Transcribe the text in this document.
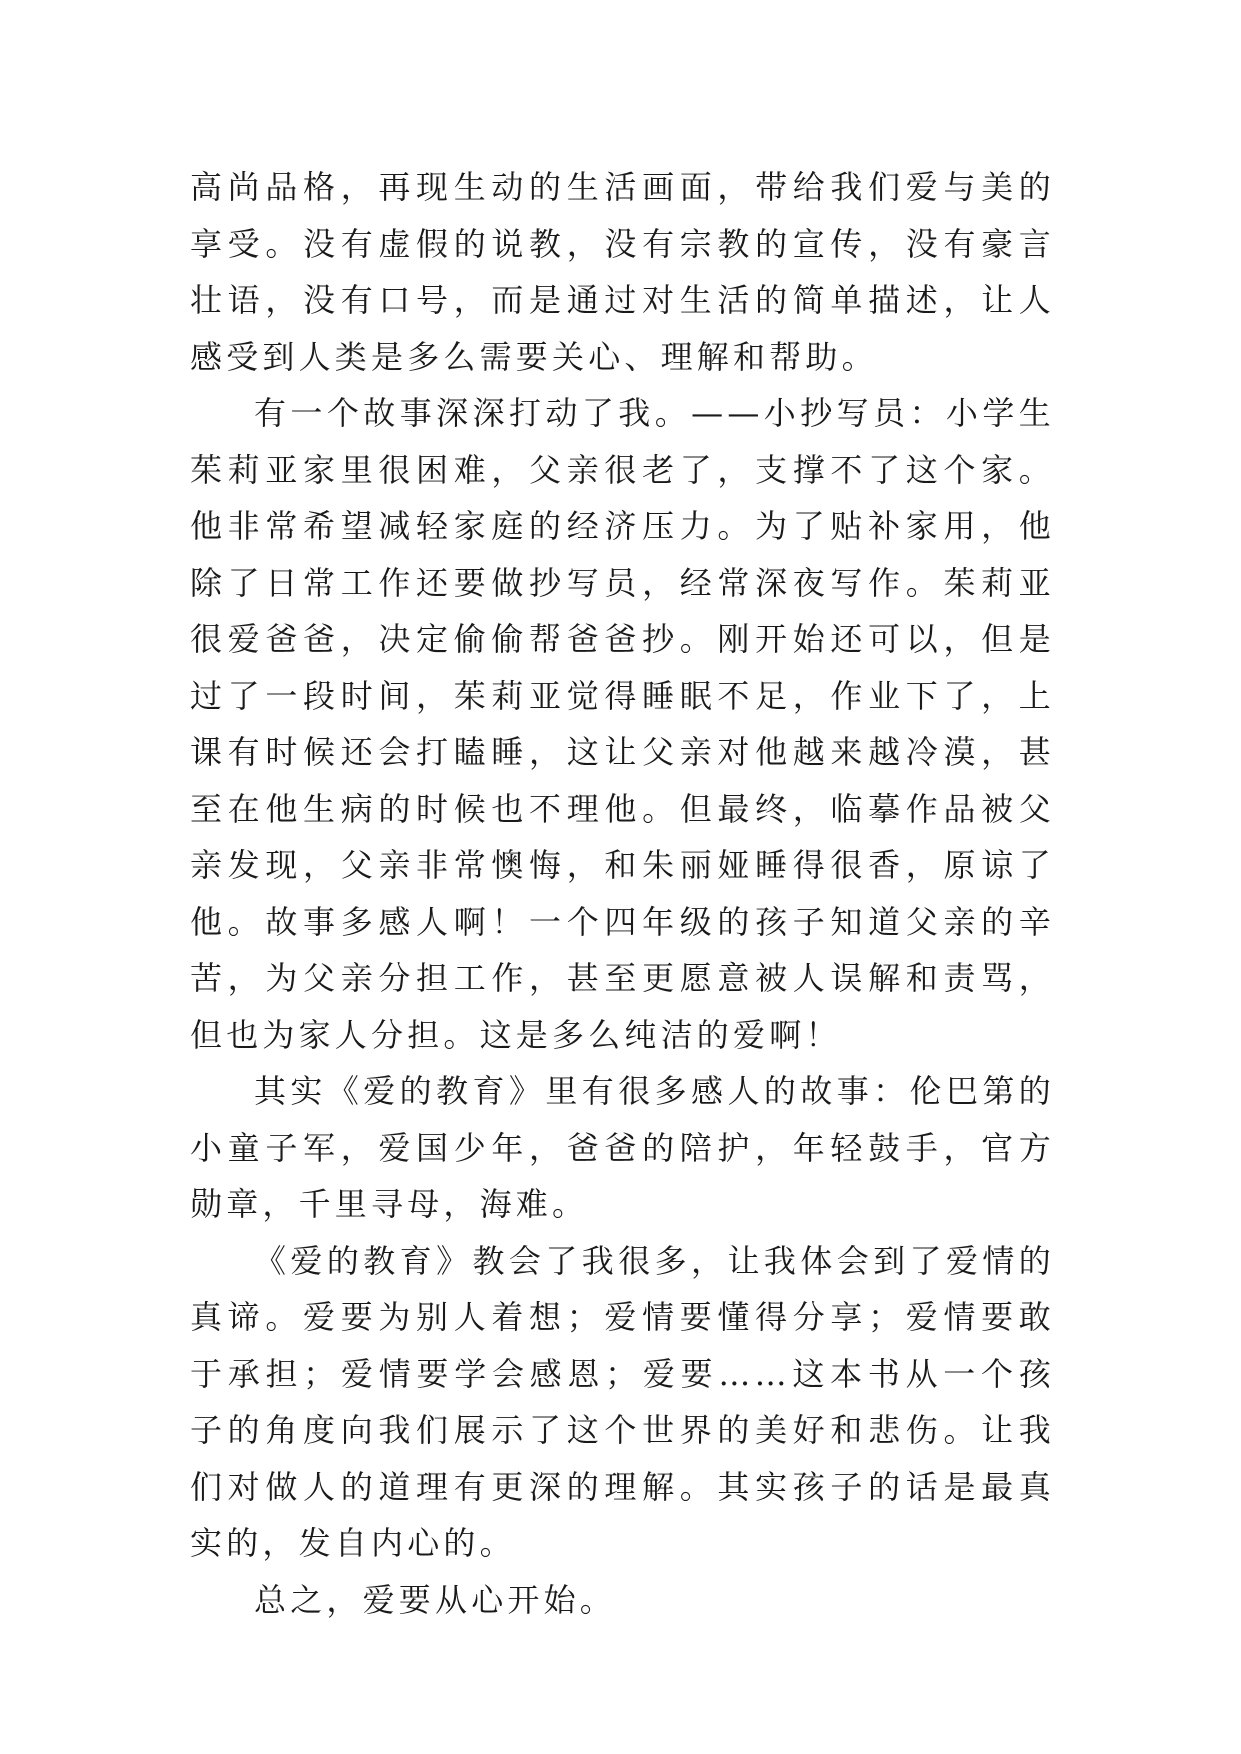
高尚品格，再现生动的生活画面，带给我们爱与美的享受。没有虚假的说教，没有宗教的宣传，没有豪言壮语，没有口号，而是通过对生活的简单描述，让人感受到人类是多么需要关心、理解和帮助。

有一个故事深深打动了我。——小抄写员：小学生茱莉亚家里很困难，父亲很老了，支撑不了这个家。他非常希望减轻家庭的经济压力。为了贴补家用，他除了日常工作还要做抄写员，经常深夜写作。茱莉亚很爱爸爸，决定偷偷帮爸爸抄。刚开始还可以，但是过了一段时间，茱莉亚觉得睡眠不足，作业下了，上课有时候还会打瞌睡，这让父亲对他越来越冷漠，甚至在他生病的时候也不理他。但最终，临摹作品被父亲发现，父亲非常懊悔，和朱丽娅睡得很香，原谅了他。故事多感人啊！一个四年级的孩子知道父亲的辛苦，为父亲分担工作，甚至更愿意被人误解和责骂，但也为家人分担。这是多么纯洁的爱啊！

其实《爱的教育》里有很多感人的故事：伦巴第的小童子军，爱国少年，爸爸的陪护，年轻鼓手，官方勋章，千里寻母，海难。

《爱的教育》教会了我很多，让我体会到了爱情的真谛。爱要为别人着想；爱情要懂得分享；爱情要敢于承担；爱情要学会感恩；爱要……这本书从一个孩子的角度向我们展示了这个世界的美好和悲伤。让我们对做人的道理有更深的理解。其实孩子的话是最真实的，发自内心的。

总之，爱要从心开始。
